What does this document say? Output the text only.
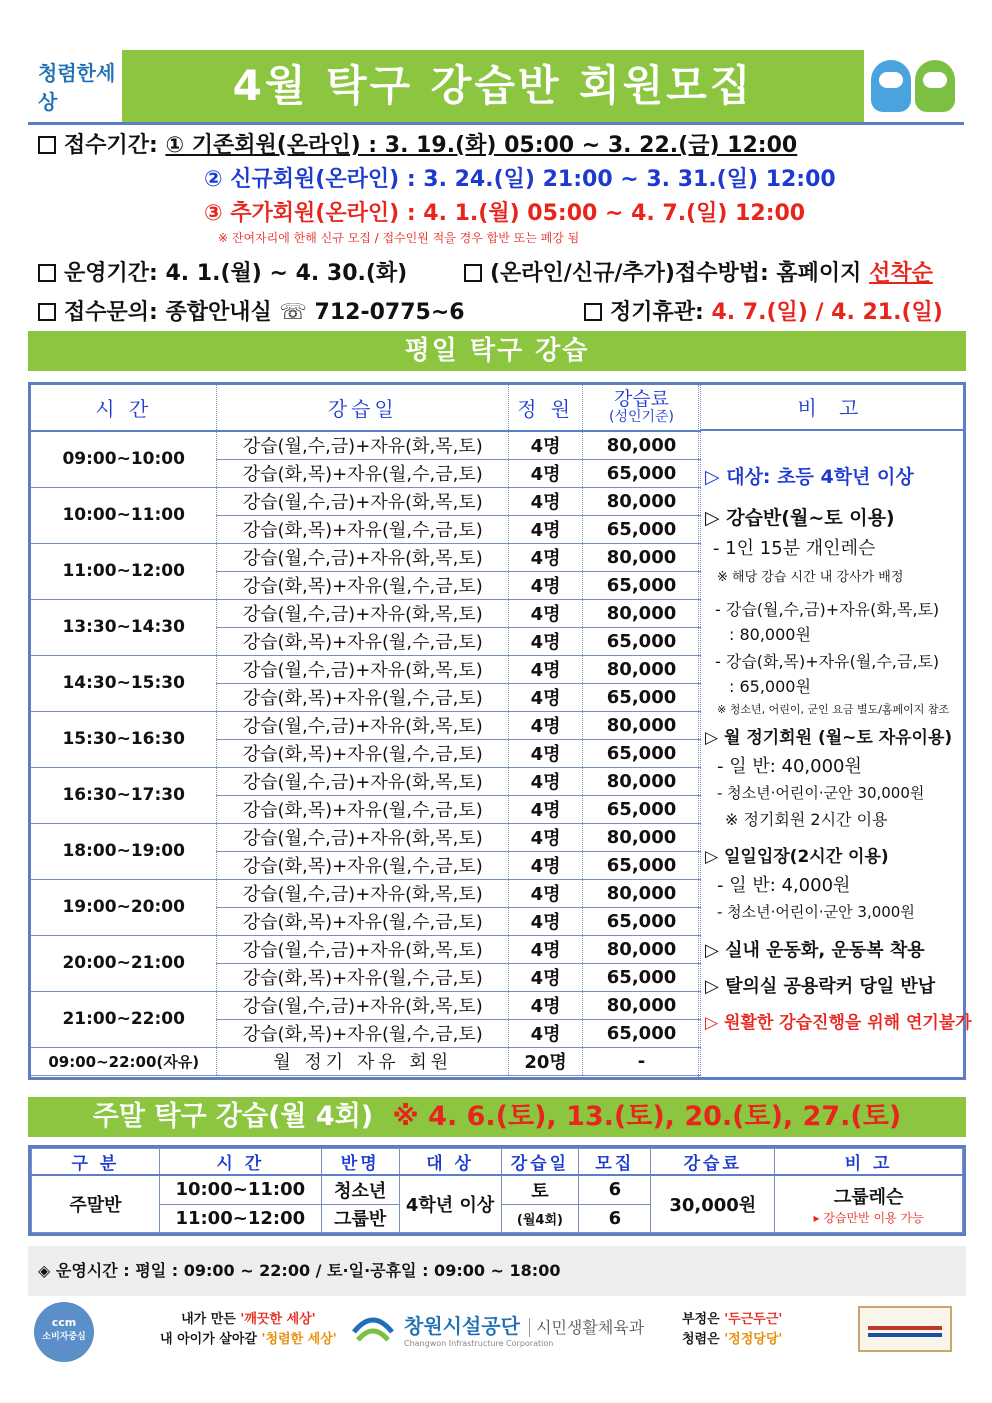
청렴한세상	4월 탁구 강습반 회원모집
접수기간: ① 기존회원(온라인) : 3. 19.(화) 05:00 ~ 3. 22.(금) 12:00
② 신규회원(온라인) : 3. 24.(일) 21:00 ~ 3. 31.(일) 12:00
③ 추가회원(온라인) : 4. 1.(월) 05:00 ~ 4. 7.(일) 12:00
※ 잔여자리에 한해 신규 모집 / 접수인원 적을 경우 합반 또는 폐강 됨
운영기간: 4. 1.(월) ~ 4. 30.(화)	(온라인/신규/추가)접수방법: 홈페이지 선착순
접수문의: 종합안내실 ☏ 712-0775~6	정기휴관: 4. 7.(일) / 4. 21.(일)
평일 탁구 강습
시 간	강습일	정 원	강습료
(성인기준)

09:00~10:00	강습(월,수,금)+자유(화,목,토)	4명	80,000
	강습(화,목)+자유(월,수,금,토)	4명	65,000
10:00~11:00	강습(월,수,금)+자유(화,목,토)	4명	80,000
	강습(화,목)+자유(월,수,금,토)	4명	65,000
11:00~12:00	강습(월,수,금)+자유(화,목,토)	4명	80,000
	강습(화,목)+자유(월,수,금,토)	4명	65,000
13:30~14:30	강습(월,수,금)+자유(화,목,토)	4명	80,000
	강습(화,목)+자유(월,수,금,토)	4명	65,000
14:30~15:30	강습(월,수,금)+자유(화,목,토)	4명	80,000
	강습(화,목)+자유(월,수,금,토)	4명	65,000
15:30~16:30	강습(월,수,금)+자유(화,목,토)	4명	80,000
	강습(화,목)+자유(월,수,금,토)	4명	65,000
16:30~17:30	강습(월,수,금)+자유(화,목,토)	4명	80,000
	강습(화,목)+자유(월,수,금,토)	4명	65,000
18:00~19:00	강습(월,수,금)+자유(화,목,토)	4명	80,000
	강습(화,목)+자유(월,수,금,토)	4명	65,000
19:00~20:00	강습(월,수,금)+자유(화,목,토)	4명	80,000
	강습(화,목)+자유(월,수,금,토)	4명	65,000
20:00~21:00	강습(월,수,금)+자유(화,목,토)	4명	80,000
	강습(화,목)+자유(월,수,금,토)	4명	65,000
21:00~22:00	강습(월,수,금)+자유(화,목,토)	4명	80,000
	강습(화,목)+자유(월,수,금,토)	4명	65,000
09:00~22:00(자유)	월 정기 자유 회원	20명	-
비 고
▷ 대상: 초등 4학년 이상
▷ 강습반(월~토 이용)
- 1인 15분 개인레슨
※ 해당 강습 시간 내 강사가 배정
- 강습(월,수,금)+자유(화,목,토)
: 80,000원
- 강습(화,목)+자유(월,수,금,토)
: 65,000원
※ 청소년, 어린이, 군인 요금 별도/홈페이지 참조
▷ 월 정기회원 (월~토 자유이용)
- 일 반: 40,000원
- 청소년·어린이·군안 30,000원
※ 정기회원 2시간 이용
▷ 일일입장(2시간 이용)
- 일 반: 4,000원
- 청소년·어린이·군안 3,000원
▷ 실내 운동화, 운동복 착용
▷ 탈의실 공용락커 당일 반납
▷ 원활한 강습진행을 위해 연기불가
주말 탁구 강습(월 4회) ※ 4. 6.(토), 13.(토), 20.(토), 27.(토)
구 분	시 간	반명	대 상	강습일	모집	강습료	비 고
주말반	10:00~11:00	청소년	4학년 이상	토	6	30,000원	그룹레슨
▸ 강습만반 이용 가능

	11:00~12:00	그룹반		(월4회)	6		
◈ 운영시간 : 평일 : 09:00 ~ 22:00 / 토·일·공휴일 : 09:00 ~ 18:00
ccm
소비자중심
내가 만든 '깨끗한 세상'
내 아이가 살아갈 '청렴한 세상'
창원시설공단 시민생활체육과
Changwon Infrastructure Corporation
부정은 '두근두근'
청렴은 '정정당당'
